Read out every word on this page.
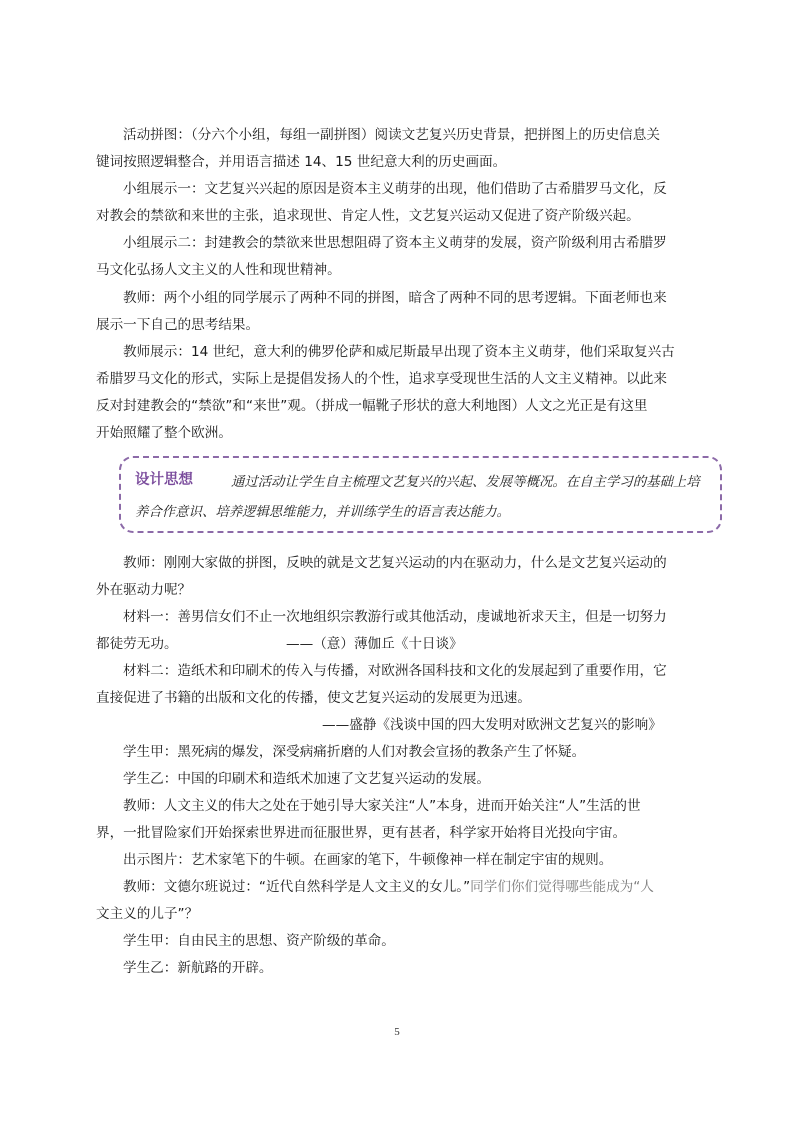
活动拼图：（分六个小组，每组一副拼图）阅读文艺复兴历史背景，把拼图上的历史信息关
键词按照逻辑整合，并用语言描述 14、15 世纪意大利的历史画面。

小组展示一：文艺复兴兴起的原因是资本主义萌芽的出现，他们借助了古希腊罗马文化，反
对教会的禁欲和来世的主张，追求现世、肯定人性，文艺复兴运动又促进了资产阶级兴起。

小组展示二：封建教会的禁欲来世思想阻碍了资本主义萌芽的发展，资产阶级利用古希腊罗
马文化弘扬人文主义的人性和现世精神。

教师：两个小组的同学展示了两种不同的拼图，暗含了两种不同的思考逻辑。下面老师也来
展示一下自己的思考结果。

教师展示：14 世纪，意大利的佛罗伦萨和威尼斯最早出现了资本主义萌芽，他们采取复兴古
希腊罗马文化的形式，实际上是提倡发扬人的个性，追求享受现世生活的人文主义精神。以此来
反对封建教会的“禁欲”和“来世”观。（拼成一幅靴子形状的意大利地图）人文之光正是有这里
开始照耀了整个欧洲。

设计思想	通过活动让学生自主梳理文艺复兴的兴起、发展等概况。在自主学习的基础上培养合作意识、培养逻辑思维能力，并训练学生的语言表达能力。

教师：刚刚大家做的拼图，反映的就是文艺复兴运动的内在驱动力，什么是文艺复兴运动的
外在驱动力呢？

材料一：善男信女们不止一次地组织宗教游行或其他活动，虔诚地祈求天主，但是一切努力
都徒劳无功。	——（意）薄伽丘《十日谈》

材料二：造纸术和印刷术的传入与传播，对欧洲各国科技和文化的发展起到了重要作用，它
直接促进了书籍的出版和文化的传播，使文艺复兴运动的发展更为迅速。

——盛静《浅谈中国的四大发明对欧洲文艺复兴的影响》

学生甲：黑死病的爆发，深受病痛折磨的人们对教会宣扬的教条产生了怀疑。

学生乙：中国的印刷术和造纸术加速了文艺复兴运动的发展。

教师：人文主义的伟大之处在于她引导大家关注“人”本身，进而开始关注“人”生活的世
界，一批冒险家们开始探索世界进而征服世界，更有甚者，科学家开始将目光投向宇宙。

出示图片：艺术家笔下的牛顿。在画家的笔下，牛顿像神一样在制定宇宙的规则。

教师：文德尔班说过：“近代自然科学是人文主义的女儿。”同学们你们觉得哪些能成为“人
文主义的儿子”？

学生甲：自由民主的思想、资产阶级的革命。

学生乙：新航路的开辟。

5
